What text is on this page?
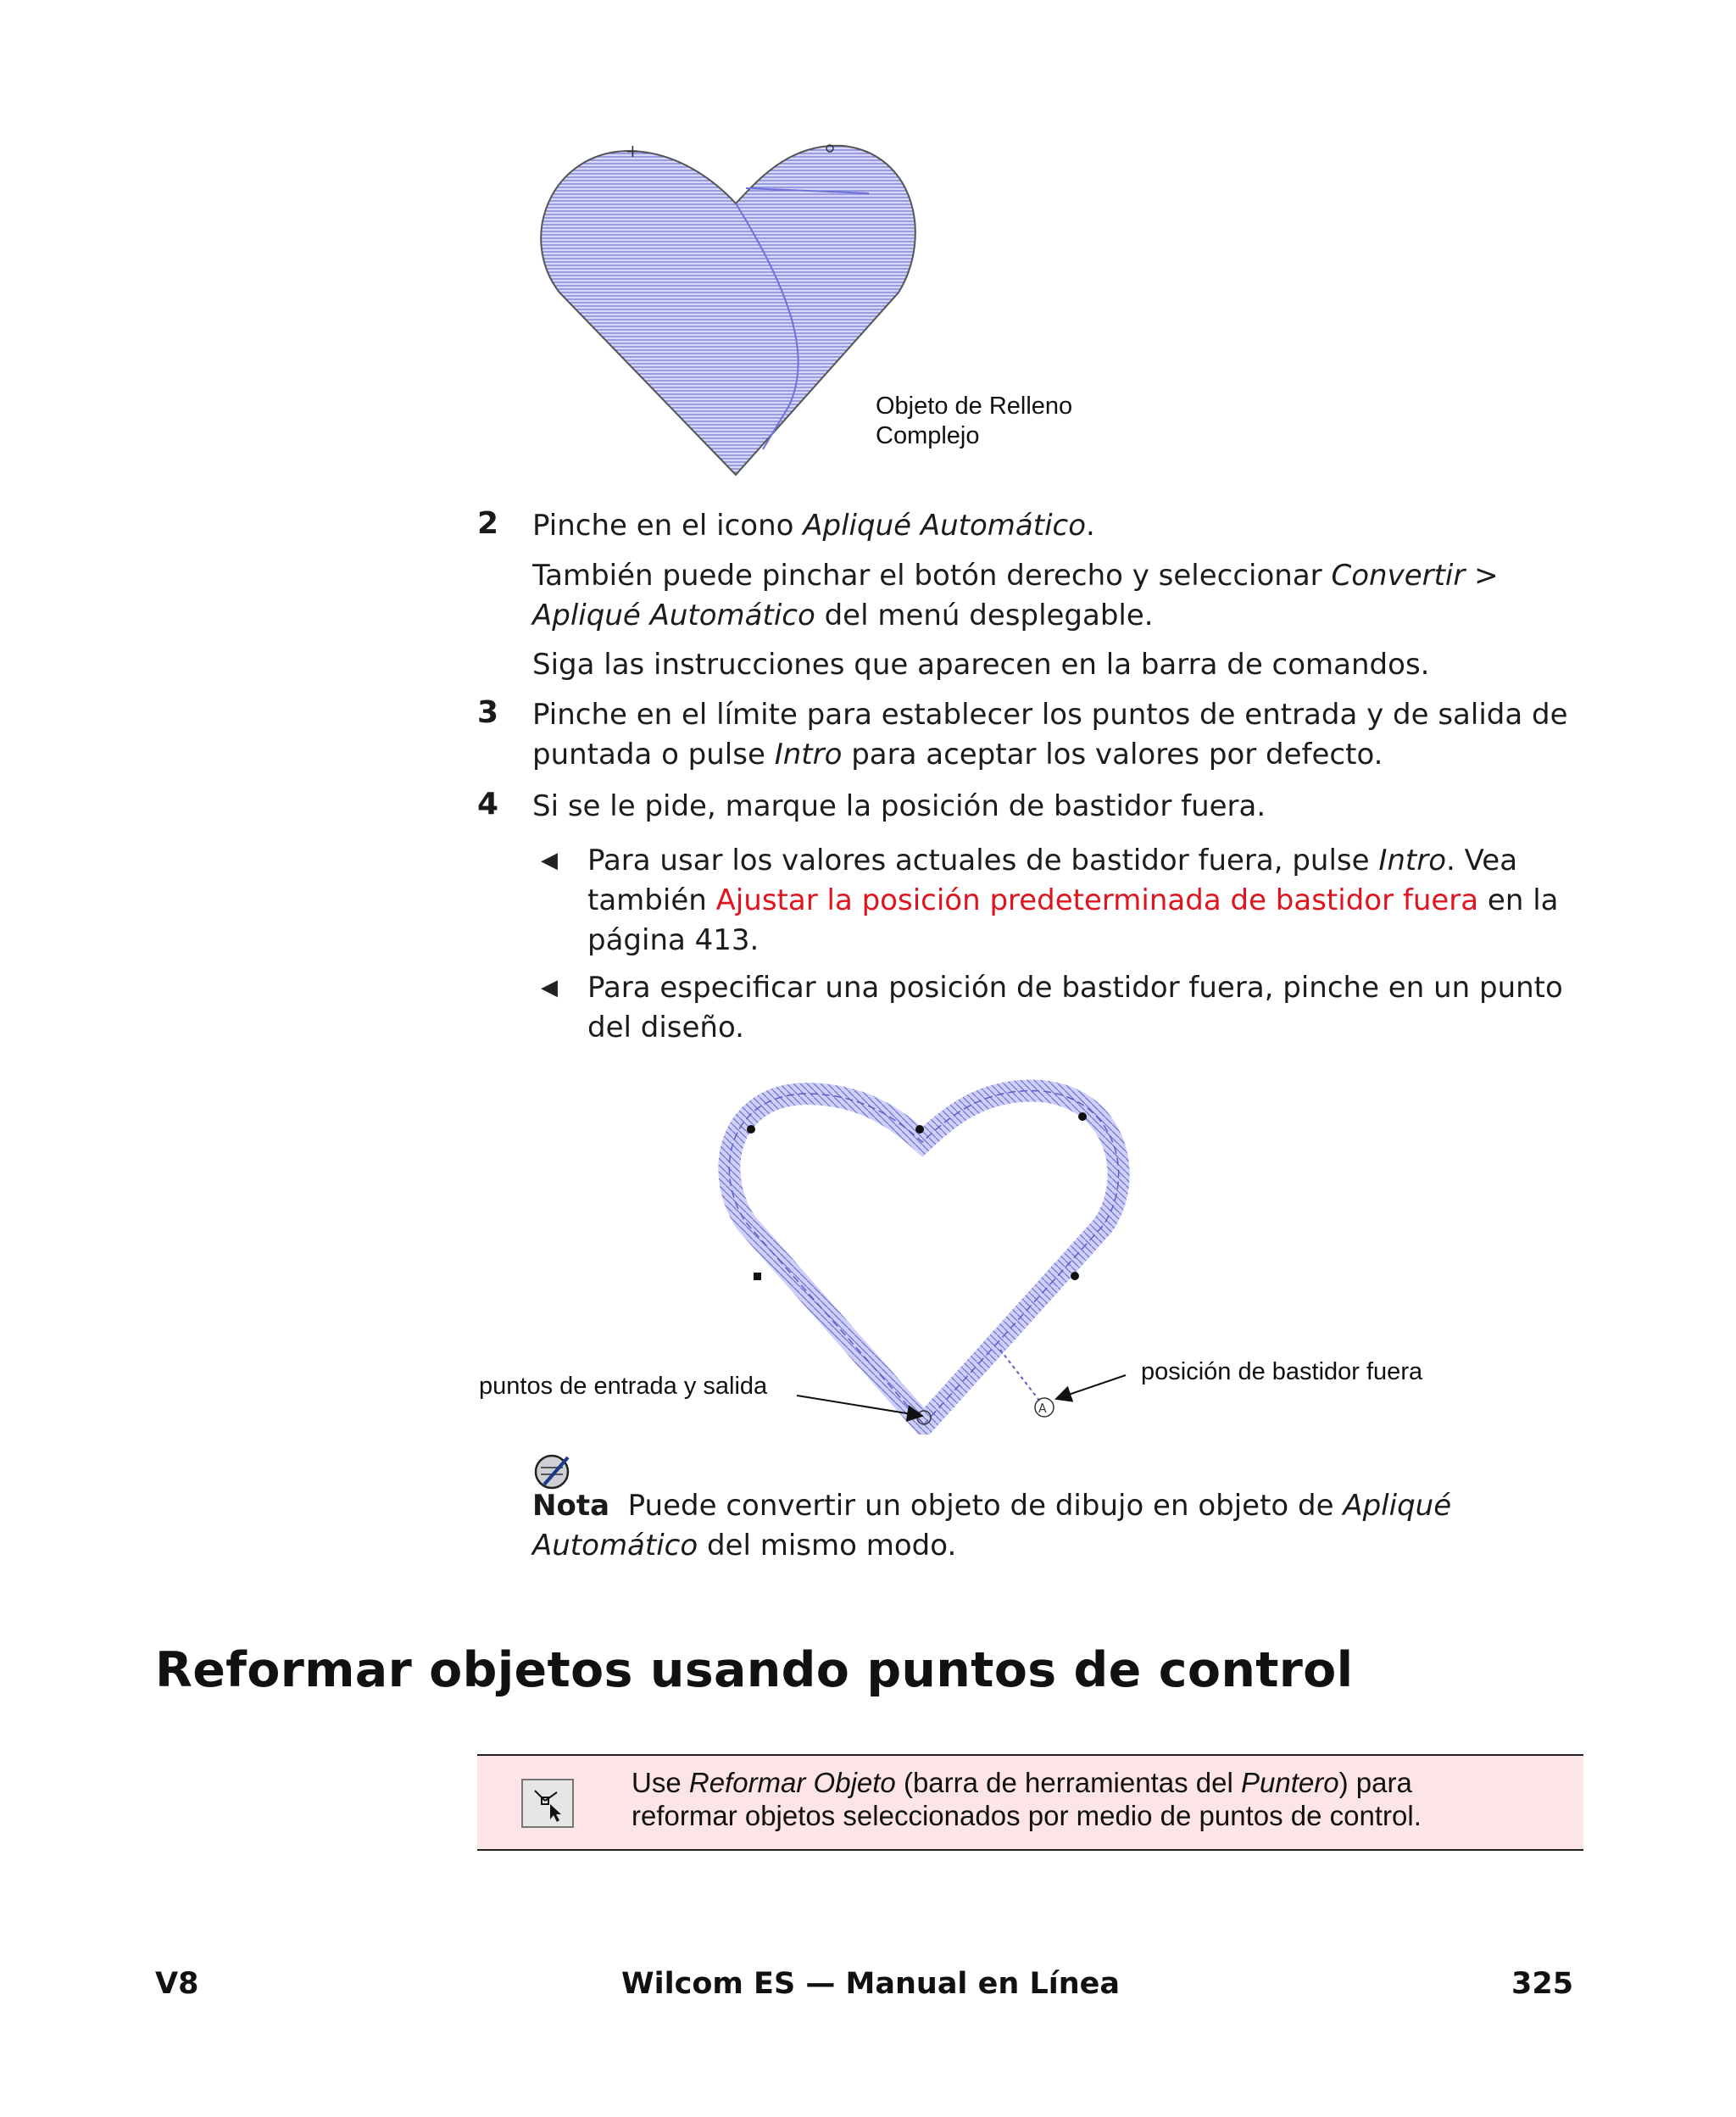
+
Objeto de Relleno
Complejo
2 Pinche en el icono Apliqué Automático.
También puede pinchar el botón derecho y seleccionar Convertir > Apliqué Automático del menú desplegable.
Siga las instrucciones que aparecen en la barra de comandos.
3 Pinche en el límite para establecer los puntos de entrada y de salida de puntada o pulse Intro para aceptar los valores por defecto.
4 Si se le pide, marque la posición de bastidor fuera.
◀ Para usar los valores actuales de bastidor fuera, pulse Intro. Vea también Ajustar la posición predeterminada de bastidor fuera en la página 413.
◀ Para especificar una posición de bastidor fuera, pinche en un punto del diseño.
A
puntos de entrada y salida
posición de bastidor fuera
Nota Puede convertir un objeto de dibujo en objeto de Apliqué Automático del mismo modo.
Reformar objetos usando puntos de control
Use Reformar Objeto (barra de herramientas del Puntero) para reformar objetos seleccionados por medio de puntos de control.
V8	Wilcom ES — Manual en Línea	325
